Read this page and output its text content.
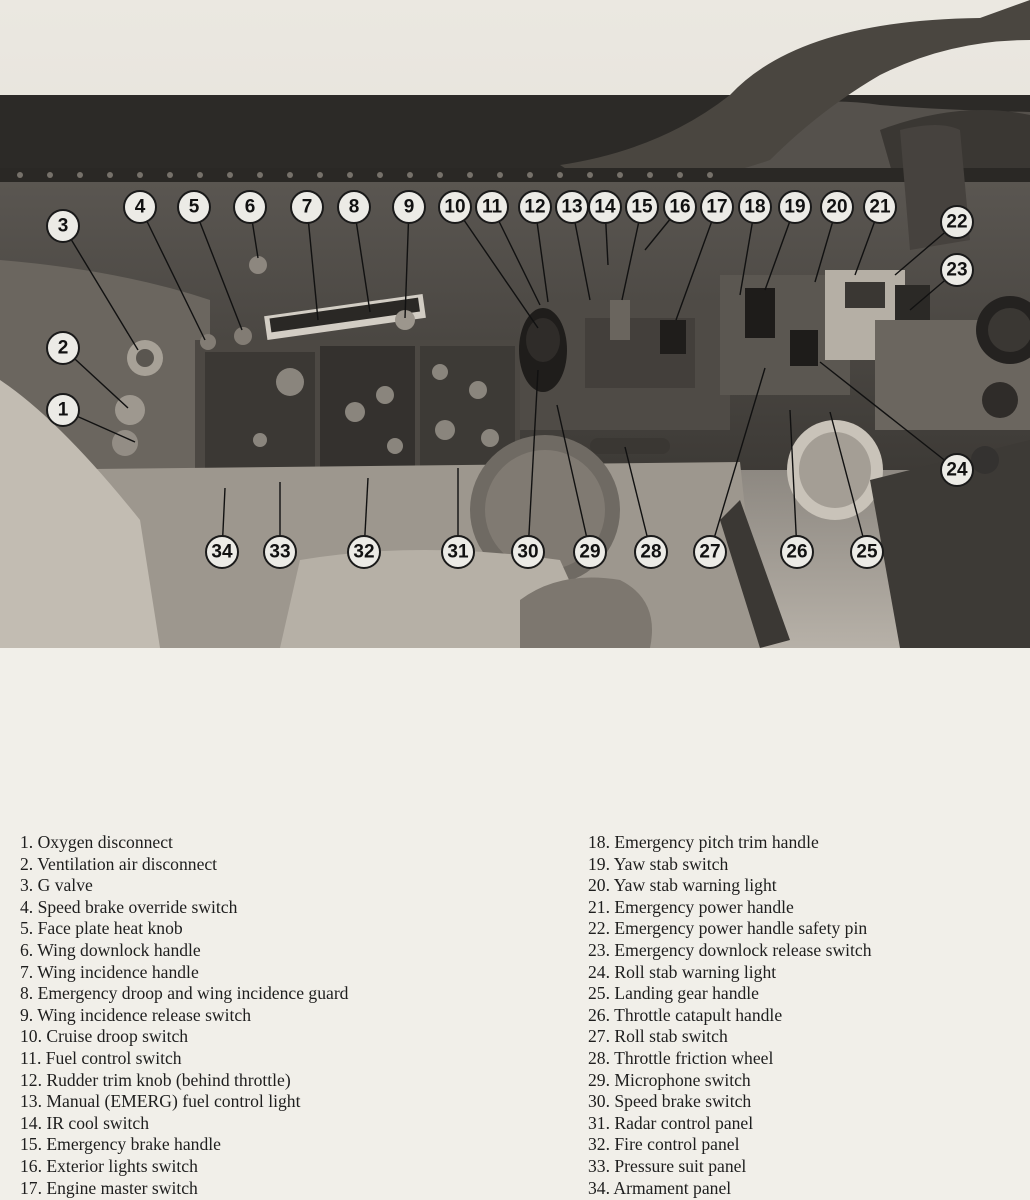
1
2
3
4 5 6 7 8 9 10 11 12 13 14 15 16 17 18 19 20 21
22
23
24
25
26
27
28
29
30
31
32
33
34
1. Oxygen disconnect
2. Ventilation air disconnect
3. G valve
4. Speed brake override switch
5. Face plate heat knob
6. Wing downlock handle
7. Wing incidence handle
8. Emergency droop and wing incidence guard
9. Wing incidence release switch
10. Cruise droop switch
11. Fuel control switch
12. Rudder trim knob (behind throttle)
13. Manual (EMERG) fuel control light
14. IR cool switch
15. Emergency brake handle
16. Exterior lights switch
17. Engine master switch
18. Emergency pitch trim handle
19. Yaw stab switch
20. Yaw stab warning light
21. Emergency power handle
22. Emergency power handle safety pin
23. Emergency downlock release switch
24. Roll stab warning light
25. Landing gear handle
26. Throttle catapult handle
27. Roll stab switch
28. Throttle friction wheel
29. Microphone switch
30. Speed brake switch
31. Radar control panel
32. Fire control panel
33. Pressure suit panel
34. Armament panel
